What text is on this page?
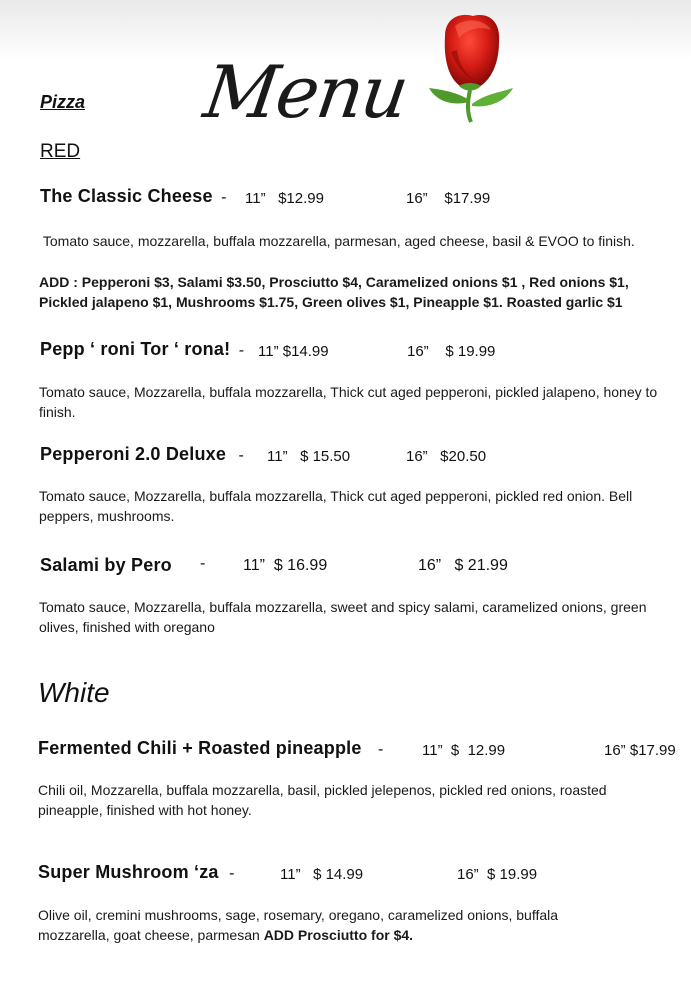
Pizza
RED
Menu
The Classic Cheese - 11”   $12.99	16”    $17.99
Tomato sauce, mozzarella, buffala mozzarella, parmesan, aged cheese, basil & EVOO to finish.
ADD : Pepperoni $3, Salami $3.50, Prosciutto $4, Caramelized onions $1 , Red onions $1, Pickled jalapeno $1, Mushrooms $1.75, Green olives $1, Pineapple $1. Roasted garlic $1
Pepp ‘ roni Tor ‘ rona! - 11” $14.99	16”    $ 19.99
Tomato sauce, Mozzarella, buffala mozzarella, Thick cut aged pepperoni, pickled jalapeno, honey to finish.
Pepperoni 2.0 Deluxe - 11”   $ 15.50	16”   $20.50
Tomato sauce, Mozzarella, buffala mozzarella, Thick cut aged pepperoni, pickled red onion. Bell peppers, mushrooms.
Salami by Pero - 11”  $ 16.99	16”   $ 21.99
Tomato sauce, Mozzarella, buffala mozzarella, sweet and spicy salami, caramelized onions, green olives, finished with oregano
White
Fermented Chili + Roasted pineapple -	11”  $  12.99	16” $17.99
Chili oil, Mozzarella, buffala mozzarella, basil, pickled jelepenos, pickled red onions, roasted pineapple, finished with hot honey.
Super Mushroom ‘za -	11”   $ 14.99	16”  $ 19.99
Olive oil, cremini mushrooms, sage, rosemary, oregano, caramelized onions, buffala mozzarella, goat cheese, parmesan ADD Prosciutto for $4.
